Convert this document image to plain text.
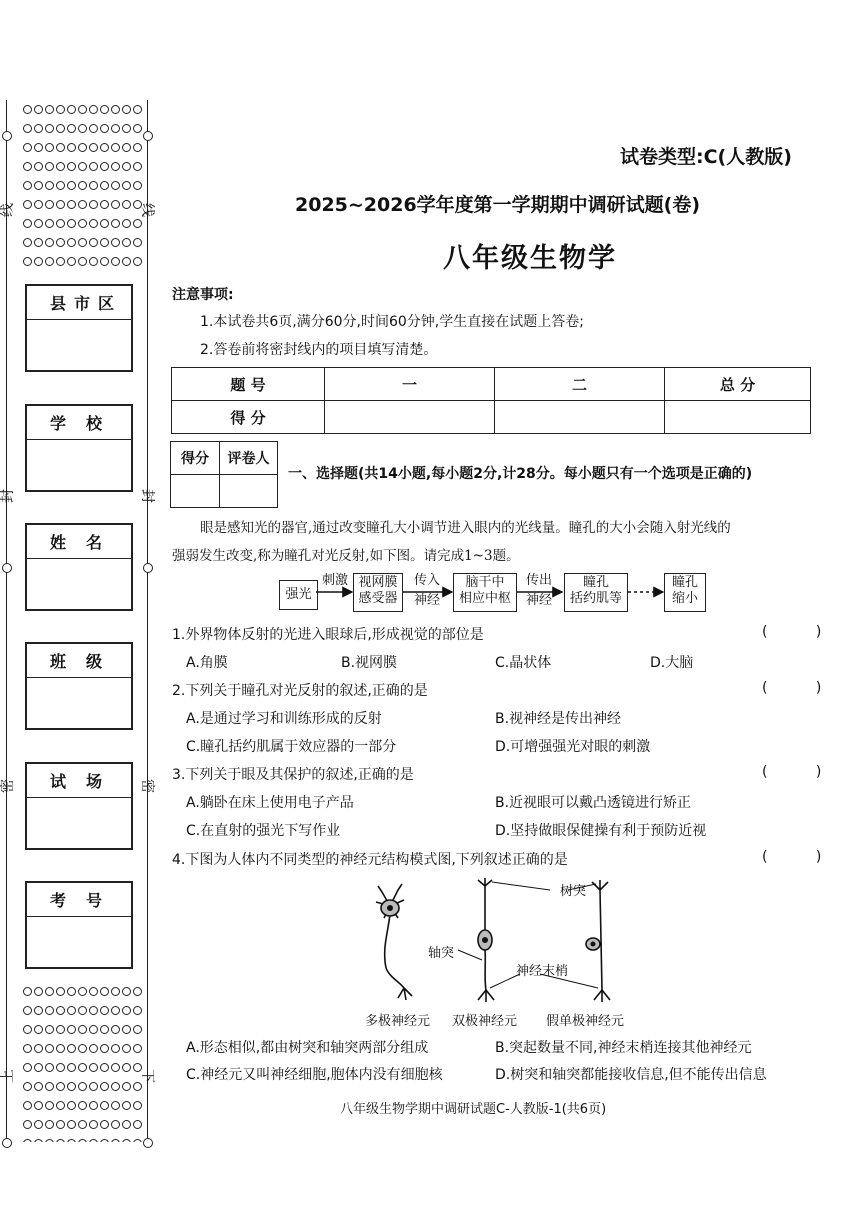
线	线
封	封
密	密
上	下
县市区
学校
姓名
班级
试场
考号
试卷类型:C(人教版)
2025~2026学年度第一学期期中调研试题(卷)
八年级生物学
注意事项:
1.本试卷共6页,满分60分,时间60分钟,学生直接在试题上答卷;
2.答卷前将密封线内的项目填写清楚。
题 号	一	二	总 分
得 分			
得分	评卷人

一、选择题(共14小题,每小题2分,计28分。每小题只有一个选项是正确的)
眼是感知光的器官,通过改变瞳孔大小调节进入眼内的光线量。瞳孔的大小会随入射光线的
强弱发生改变,称为瞳孔对光反射,如下图。请完成1~3题。
强光
刺激 视网膜
感受器
传入
神经
脑干中
相应中枢
传出
神经
瞳孔
括约肌等
瞳孔
缩小
1.外界物体反射的光进入眼球后,形成视觉的部位是	( )
A.角膜	B.视网膜	C.晶状体	D.大脑
2.下列关于瞳孔对光反射的叙述,正确的是	( )
A.是通过学习和训练形成的反射	B.视神经是传出神经
C.瞳孔括约肌属于效应器的一部分	D.可增强强光对眼的刺激
3.下列关于眼及其保护的叙述,正确的是	( )
A.躺卧在床上使用电子产品	B.近视眼可以戴凸透镜进行矫正
C.在直射的强光下写作业	D.坚持做眼保健操有利于预防近视
4.下图为人体内不同类型的神经元结构模式图,下列叙述正确的是	( )
树突
轴突
神经末梢
多极神经元 双极神经元 假单极神经元
A.形态相似,都由树突和轴突两部分组成	B.突起数量不同,神经末梢连接其他神经元
C.神经元又叫神经细胞,胞体内没有细胞核	D.树突和轴突都能接收信息,但不能传出信息
八年级生物学期中调研试题C-人教版-1(共6页)
